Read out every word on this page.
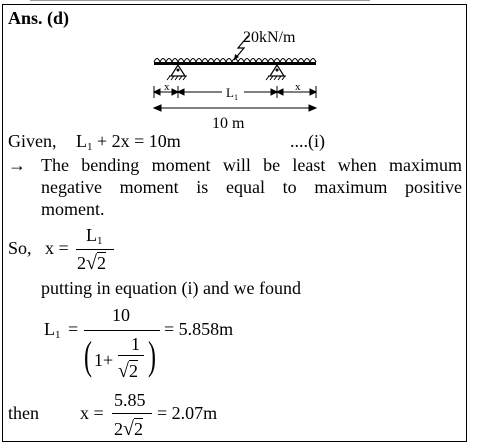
Ans. (d)
x	x
$L_1$
10 m
20kN/m
Given, $L_1 + 2x = 10m$	....(i)
→ The bending moment will be least when maximum
negative moment is equal to maximum positive
moment.
So, x =
$L_1$
2√2
putting in equation (i) and we found
$L_1$ =
10
( 1+
1
√2 )
= 5.858m
then x =
5.85
2√2
= 2.07m
